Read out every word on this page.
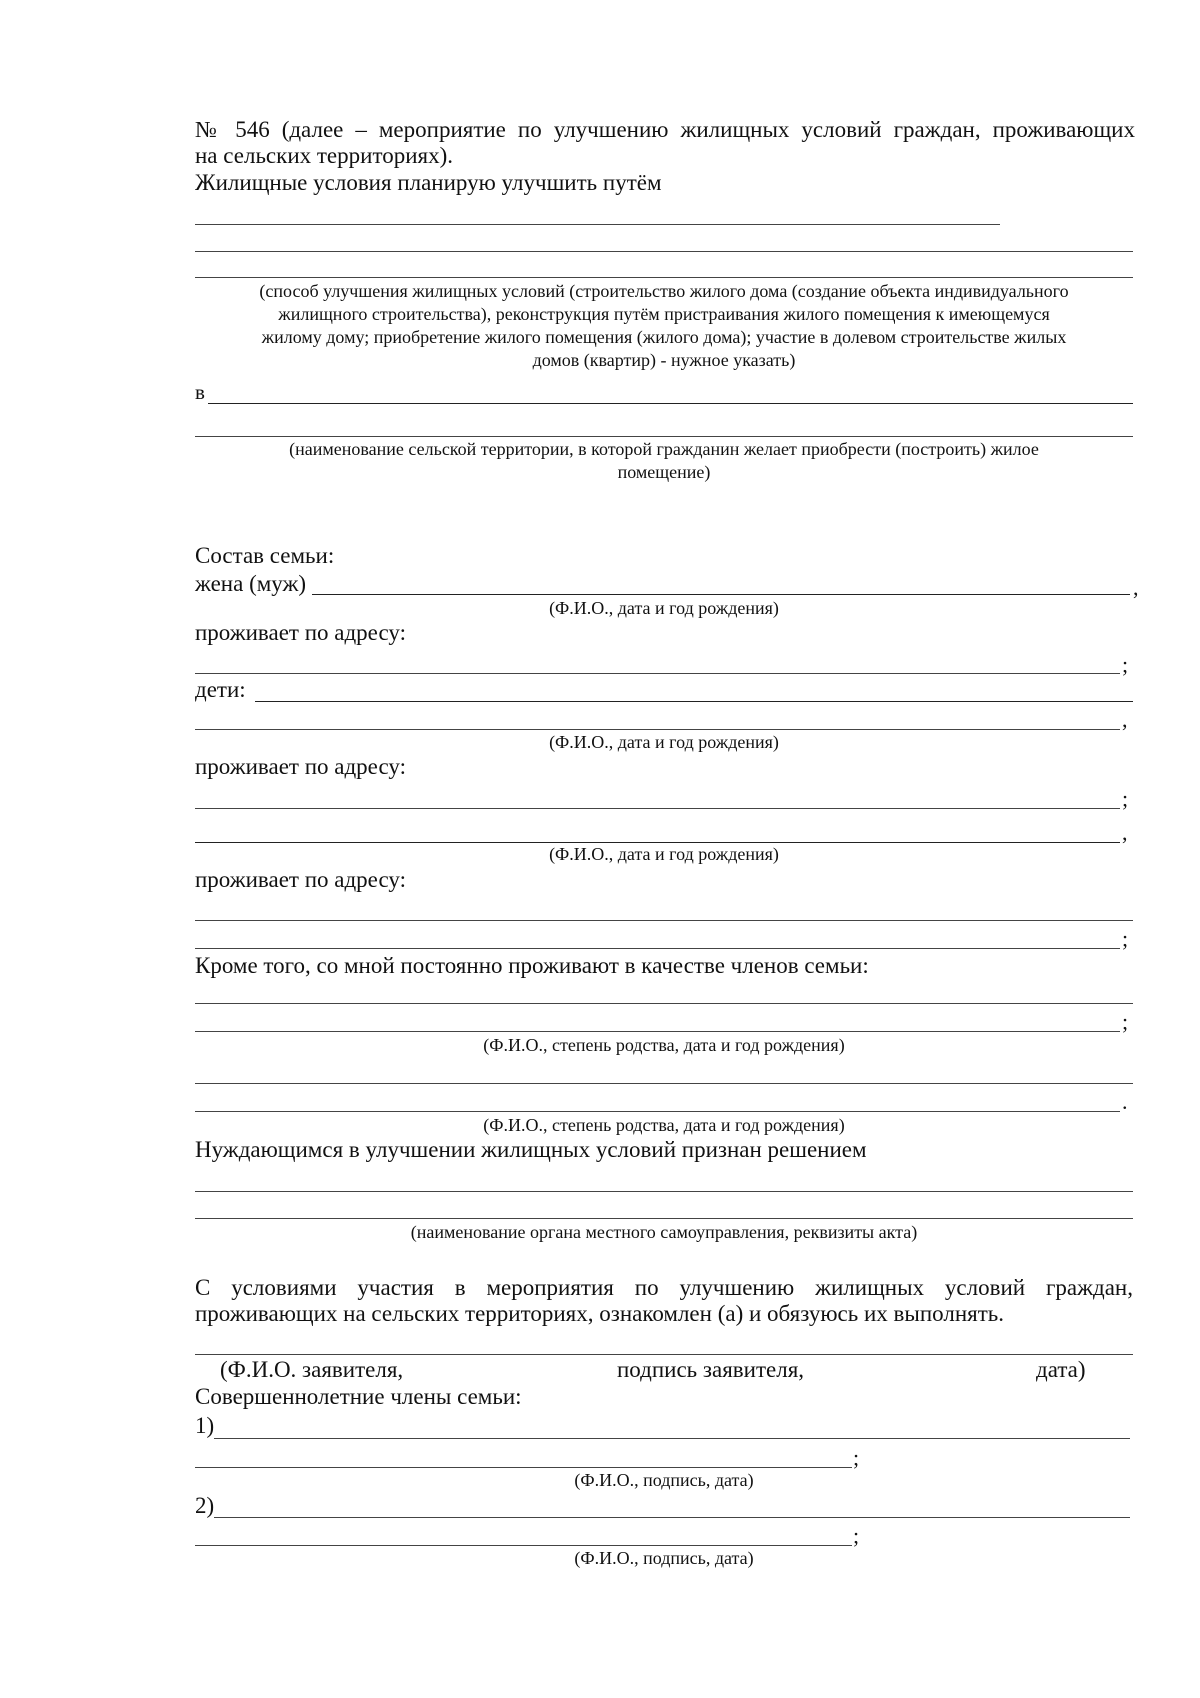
№ 546 (далее – мероприятие по улучшению жилищных условий граждан, проживающих
на сельских территориях).
Жилищные условия планирую улучшить путём
(способ улучшения жилищных условий (строительство жилого дома (создание объекта индивидуального
жилищного строительства), реконструкция путём пристраивания жилого помещения к имеющемуся
жилому дому; приобретение жилого помещения (жилого дома); участие в долевом строительстве жилых
домов (квартир) - нужное указать)
в
(наименование сельской территории, в которой гражданин желает приобрести (построить) жилое
помещение)
Состав семьи:
жена (муж)	,
(Ф.И.О., дата и год рождения)
проживает по адресу:
;
дети:
,
(Ф.И.О., дата и год рождения)
проживает по адресу:
;
,
(Ф.И.О., дата и год рождения)
проживает по адресу:
;
Кроме того, со мной постоянно проживают в качестве членов семьи:
;
(Ф.И.О., степень родства, дата и год рождения)
.
(Ф.И.О., степень родства, дата и год рождения)
Нуждающимся в улучшении жилищных условий признан решением
(наименование органа местного самоуправления, реквизиты акта)
С условиями участия в мероприятия по улучшению жилищных условий граждан,
проживающих на сельских территориях, ознакомлен (а) и обязуюсь их выполнять.
(Ф.И.О. заявителя,	подпись заявителя,	дата)
Совершеннолетние члены семьи:
1)
;
(Ф.И.О., подпись, дата)
2)
;
(Ф.И.О., подпись, дата)
